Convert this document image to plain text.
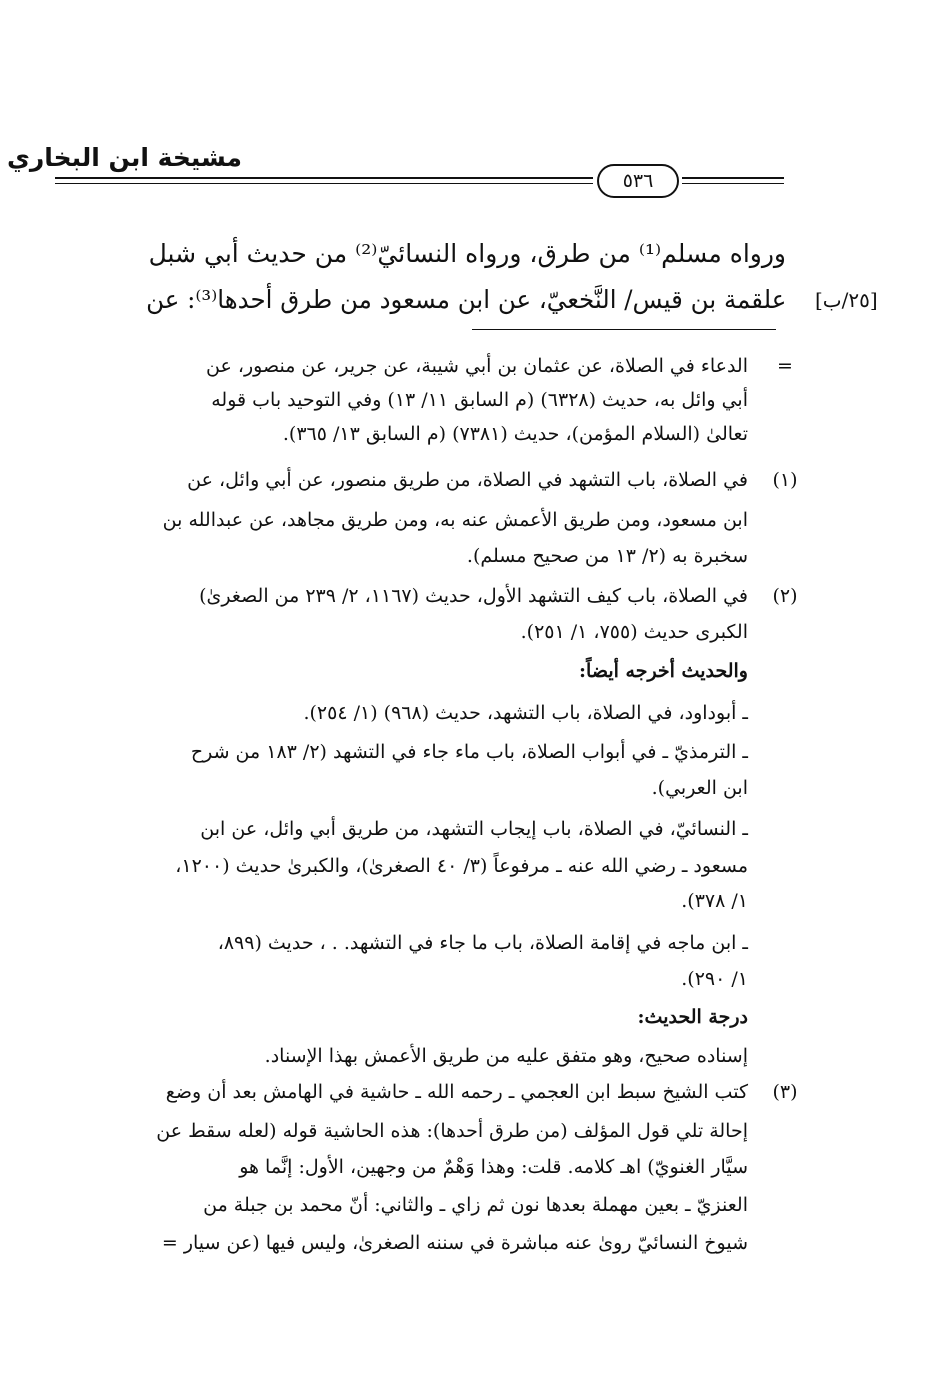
مشيخة ابن البخاري
٥٣٦
ورواه مسلم⁽¹⁾ من طرق، ورواه النسائيّ⁽²⁾ من حديث أبي شبل
علقمة بن قيس/ النَّخعيّ، عن ابن مسعود من طرق أحدها⁽³⁾: عن [٢٥/ب]
=
الدعاء في الصلاة، عن عثمان بن أبي شيبة، عن جرير، عن منصور، عن
أبي وائل به، حديث (٦٣٢٨) (م السابق ١١/ ١٣) وفي التوحيد باب قوله
تعالىٰ (السلام المؤمن)، حديث (٧٣٨١) (م السابق ١٣/ ٣٦٥).
(١)
في الصلاة، باب التشهد في الصلاة، من طريق منصور، عن أبي وائل، عن
ابن مسعود، ومن طريق الأعمش عنه به، ومن طريق مجاهد، عن عبدالله بن
سخبرة به (٢/ ١٣ من صحيح مسلم).
(٢)
في الصلاة، باب كيف التشهد الأول، حديث (١١٦٧، ٢/ ٢٣٩ من الصغرىٰ)
الكبرى حديث (٧٥٥، ١/ ٢٥١).
والحديث أخرجه أيضاً:
ـ أبوداود، في الصلاة، باب التشهد، حديث (٩٦٨) (١/ ٢٥٤).
ـ الترمذيّ ـ في أبواب الصلاة، باب ماء جاء في التشهد (٢/ ١٨٣ من شرح
ابن العربي).
ـ النسائيّ، في الصلاة، باب إيجاب التشهد، من طريق أبي وائل، عن ابن
مسعود ـ رضي الله عنه ـ مرفوعاً (٣/ ٤٠ الصغرىٰ)، والكبرىٰ حديث (١٢٠٠،
١/ ٣٧٨).
ـ ابن ماجه في إقامة الصلاة، باب ما جاء في التشهد. . ، حديث (٨٩٩،
١/ ٢٩٠).
درجة الحديث:
إسناده صحيح، وهو متفق عليه من طريق الأعمش بهذا الإسناد.
(٣)
كتب الشيخ سبط ابن العجمي ـ رحمه الله ـ حاشية في الهامش بعد أن وضع
إحالة تلي قول المؤلف (من طرق أحدها): هذه الحاشية قوله (لعله سقط عن
سيَّار الغنويّ) اهـ كلامه. قلت: وهذا وَهْمٌ من وجهين، الأول: إنَّما هو
العنزيّ ـ بعين مهملة بعدها نون ثم زاي ـ والثاني: أنّ محمد بن جبلة من
شيوخ النسائيّ روىٰ عنه مباشرة في سننه الصغرىٰ، وليس فيها (عن سيار =
